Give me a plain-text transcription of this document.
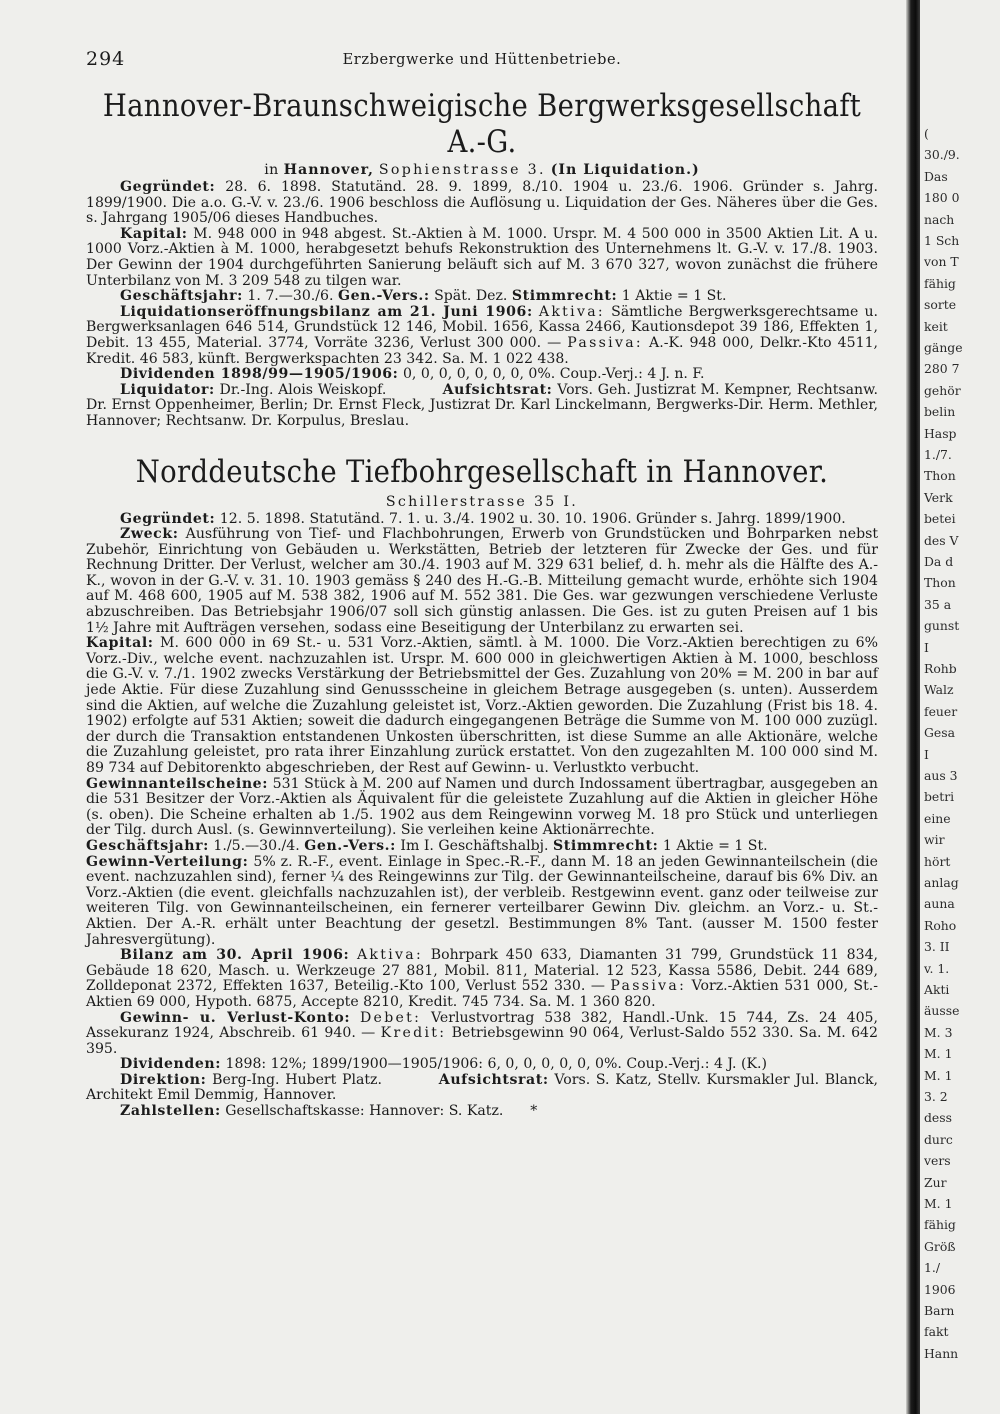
294	Erzbergwerke und Hüttenbetriebe.
Hannover-Braunschweigische Bergwerksgesellschaft A.-G.
in Hannover, Sophienstrasse 3. (In Liquidation.)

Gegründet: 28. 6. 1898. Statutänd. 28. 9. 1899, 8./10. 1904 u. 23./6. 1906. Gründer s. Jahrg. 1899/1900. Die a.o. G.-V. v. 23./6. 1906 beschloss die Auflösung u. Liquidation der Ges. Näheres über die Ges. s. Jahrgang 1905/06 dieses Handbuches.

Kapital: M. 948 000 in 948 abgest. St.-Aktien à M. 1000. Urspr. M. 4 500 000 in 3500 Aktien Lit. A u. 1000 Vorz.-Aktien à M. 1000, herabgesetzt behufs Rekonstruktion des Unternehmens lt. G.-V. v. 17./8. 1903. Der Gewinn der 1904 durchgeführten Sanierung beläuft sich auf M. 3 670 327, wovon zunächst die frühere Unterbilanz von M. 3 209 548 zu tilgen war.

Geschäftsjahr: 1. 7.—30./6. Gen.-Vers.: Spät. Dez. Stimmrecht: 1 Aktie = 1 St.

Liquidationseröffnungsbilanz am 21. Juni 1906: Aktiva: Sämtliche Bergwerksgerechtsame u. Bergwerksanlagen 646 514, Grundstück 12 146, Mobil. 1656, Kassa 2466, Kautionsdepot 39 186, Effekten 1, Debit. 13 455, Material. 3774, Vorräte 3236, Verlust 300 000. — Passiva: A.-K. 948 000, Delkr.-Kto 4511, Kredit. 46 583, künft. Bergwerkspachten 23 342. Sa. M. 1 022 438.

Dividenden 1898/99—1905/1906: 0, 0, 0, 0, 0, 0, 0, 0%. Coup.-Verj.: 4 J. n. F.

Liquidator: Dr.-Ing. Alois Weiskopf.	Aufsichtsrat: Vors. Geh. Justizrat M. Kempner, Rechtsanw. Dr. Ernst Oppenheimer, Berlin; Dr. Ernst Fleck, Justizrat Dr. Karl Linckelmann, Bergwerks-Dir. Herm. Methler, Hannover; Rechtsanw. Dr. Korpulus, Breslau.

Norddeutsche Tiefbohrgesellschaft in Hannover.
Schillerstrasse 35 I.

Gegründet: 12. 5. 1898. Statutänd. 7. 1. u. 3./4. 1902 u. 30. 10. 1906. Gründer s. Jahrg. 1899/1900.

Zweck: Ausführung von Tief- und Flachbohrungen, Erwerb von Grundstücken und Bohrparken nebst Zubehör, Einrichtung von Gebäuden u. Werkstätten, Betrieb der letzteren für Zwecke der Ges. und für Rechnung Dritter. Der Verlust, welcher am 30./4. 1903 auf M. 329 631 belief, d. h. mehr als die Hälfte des A.-K., wovon in der G.-V. v. 31. 10. 1903 gemäss § 240 des H.-G.-B. Mitteilung gemacht wurde, erhöhte sich 1904 auf M. 468 600, 1905 auf M. 538 382, 1906 auf M. 552 381. Die Ges. war gezwungen verschiedene Verluste abzuschreiben. Das Betriebsjahr 1906/07 soll sich günstig anlassen. Die Ges. ist zu guten Preisen auf 1 bis 1½ Jahre mit Aufträgen versehen, sodass eine Beseitigung der Unterbilanz zu erwarten sei.

Kapital: M. 600 000 in 69 St.- u. 531 Vorz.-Aktien, sämtl. à M. 1000. Die Vorz.-Aktien berechtigen zu 6% Vorz.-Div., welche event. nachzuzahlen ist. Urspr. M. 600 000 in gleichwertigen Aktien à M. 1000, beschloss die G.-V. v. 7./1. 1902 zwecks Verstärkung der Betriebsmittel der Ges. Zuzahlung von 20% = M. 200 in bar auf jede Aktie. Für diese Zuzahlung sind Genussscheine in gleichem Betrage ausgegeben (s. unten). Ausserdem sind die Aktien, auf welche die Zuzahlung geleistet ist, Vorz.-Aktien geworden. Die Zuzahlung (Frist bis 18. 4. 1902) erfolgte auf 531 Aktien; soweit die dadurch eingegangenen Beträge die Summe von M. 100 000 zuzügl. der durch die Transaktion entstandenen Unkosten überschritten, ist diese Summe an alle Aktionäre, welche die Zuzahlung geleistet, pro rata ihrer Einzahlung zurück erstattet. Von den zugezahlten M. 100 000 sind M. 89 734 auf Debitorenkto abgeschrieben, der Rest auf Gewinn- u. Verlustkto verbucht.

Gewinnanteilscheine: 531 Stück à M. 200 auf Namen und durch Indossament übertragbar, ausgegeben an die 531 Besitzer der Vorz.-Aktien als Äquivalent für die geleistete Zuzahlung auf die Aktien in gleicher Höhe (s. oben). Die Scheine erhalten ab 1./5. 1902 aus dem Reingewinn vorweg M. 18 pro Stück und unterliegen der Tilg. durch Ausl. (s. Gewinnverteilung). Sie verleihen keine Aktionärrechte.

Geschäftsjahr: 1./5.—30./4. Gen.-Vers.: Im I. Geschäftshalbj. Stimmrecht: 1 Aktie = 1 St.

Gewinn-Verteilung: 5% z. R.-F., event. Einlage in Spec.-R.-F., dann M. 18 an jeden Gewinnanteilschein (die event. nachzuzahlen sind), ferner ¼ des Reingewinns zur Tilg. der Gewinnanteilscheine, darauf bis 6% Div. an Vorz.-Aktien (die event. gleichfalls nachzuzahlen ist), der verbleib. Restgewinn event. ganz oder teilweise zur weiteren Tilg. von Gewinnanteilscheinen, ein fernerer verteilbarer Gewinn Div. gleichm. an Vorz.- u. St.-Aktien. Der A.-R. erhält unter Beachtung der gesetzl. Bestimmungen 8% Tant. (ausser M. 1500 fester Jahresvergütung).

Bilanz am 30. April 1906: Aktiva: Bohrpark 450 633, Diamanten 31 799, Grundstück 11 834, Gebäude 18 620, Masch. u. Werkzeuge 27 881, Mobil. 811, Material. 12 523, Kassa 5586, Debit. 244 689, Zolldeponat 2372, Effekten 1637, Beteilig.-Kto 100, Verlust 552 330. — Passiva: Vorz.-Aktien 531 000, St.-Aktien 69 000, Hypoth. 6875, Accepte 8210, Kredit. 745 734. Sa. M. 1 360 820.

Gewinn- u. Verlust-Konto: Debet: Verlustvortrag 538 382, Handl.-Unk. 15 744, Zs. 24 405, Assekuranz 1924, Abschreib. 61 940. — Kredit: Betriebsgewinn 90 064, Verlust-Saldo 552 330. Sa. M. 642 395.

Dividenden: 1898: 12%; 1899/1900—1905/1906: 6, 0, 0, 0, 0, 0, 0%. Coup.-Verj.: 4 J. (K.)

Direktion: Berg-Ing. Hubert Platz.	Aufsichtsrat: Vors. S. Katz, Stellv. Kursmakler Jul. Blanck, Architekt Emil Demmig, Hannover.

Zahlstellen: Gesellschaftskasse: Hannover: S. Katz. *

(
30./9.
Das
180 0
nach
1 Sch
von T
fähig
sorte
keit
gänge
280 7
gehör
belin
Hasp
1./7.
Thon
Verk
betei
des V
Da d
Thon
35 a
gunst
I
Rohb
Walz
feuer
Gesa
I
aus 3
betri
eine
wir
hört
anlag
auna
Roho
3. II
v. 1.
Akti
äusse
M. 3
M. 1
M. 1
3. 2
dess
durc
vers
Zur
M. 1
fähig
Größ
1./
1906
Barn
fakt
Hann
